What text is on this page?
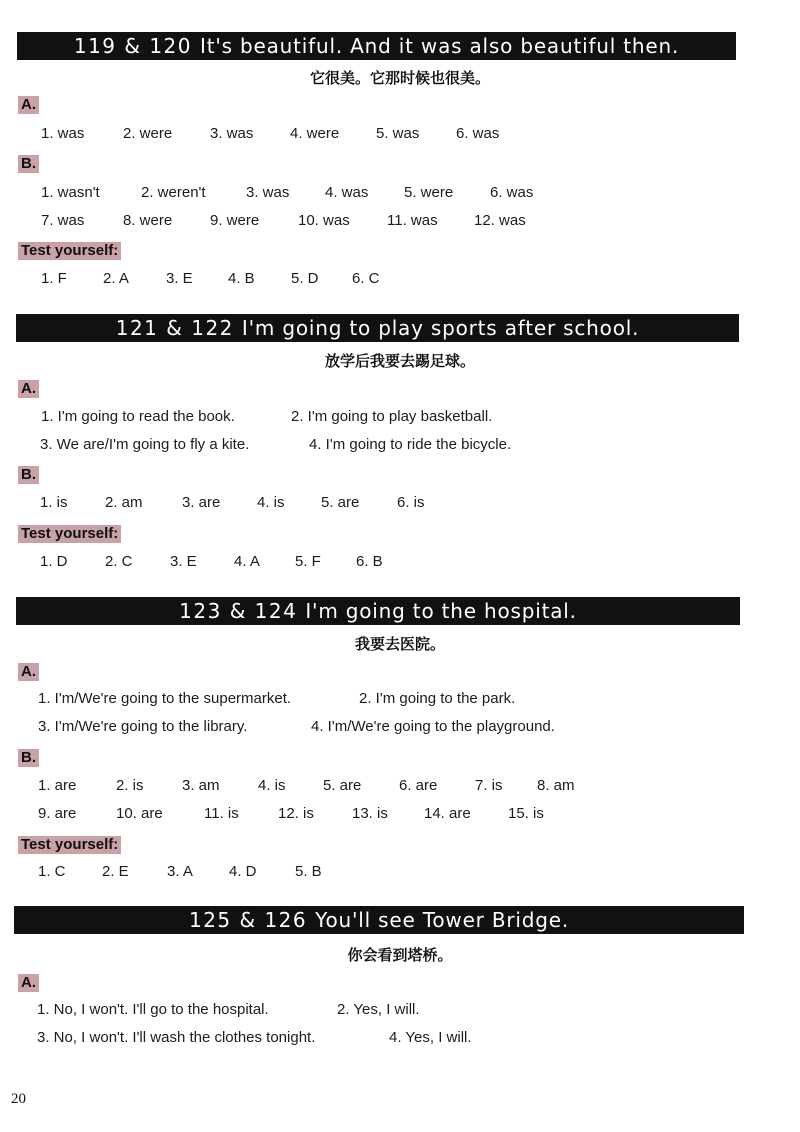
119 & 120 It's beautiful. And it was also beautiful then.
它很美。它那时候也很美。
A.
1. was	2. were	3. was 4. were 5. was 6. was
B.
1. wasn't	2. weren't	3. was 4. was 5. were 6. was
7. was	8. were	9. were	10. was 11. was 12. was
Test yourself:
1. F 2. A 3. E 4. B 5. D 6. C
121 & 122 I'm going to play sports after school.
放学后我要去踢足球。
A.
1. I'm going to read the book.	2. I'm going to play basketball.
3. We are/I'm going to fly a kite.	4. I'm going to ride the bicycle.
B.
1. is 2. am	3. are 4. is 5. are	6. is
Test yourself:
1. D 2. C 3. E 4. A 5. F 6. B
123 & 124 I'm going to the hospital.
我要去医院。
A.
1. I'm/We're going to the supermarket.	2. I'm going to the park.
3. I'm/We're going to the library.	4. I'm/We're going to the playground.
B.
1. are	2. is	3. am	4. is 5. are	6. are	7. is 8. am
9. are	10. are	11. is	12. is	13. is 14. are 15. is
Test yourself:
1. C 2. E	3. A 4. D	5. B
125 & 126 You'll see Tower Bridge.
你会看到塔桥。
A.
1. No, I won't. I'll go to the hospital.	2. Yes, I will.
3. No, I won't. I'll wash the clothes tonight.	4. Yes, I will.
20
